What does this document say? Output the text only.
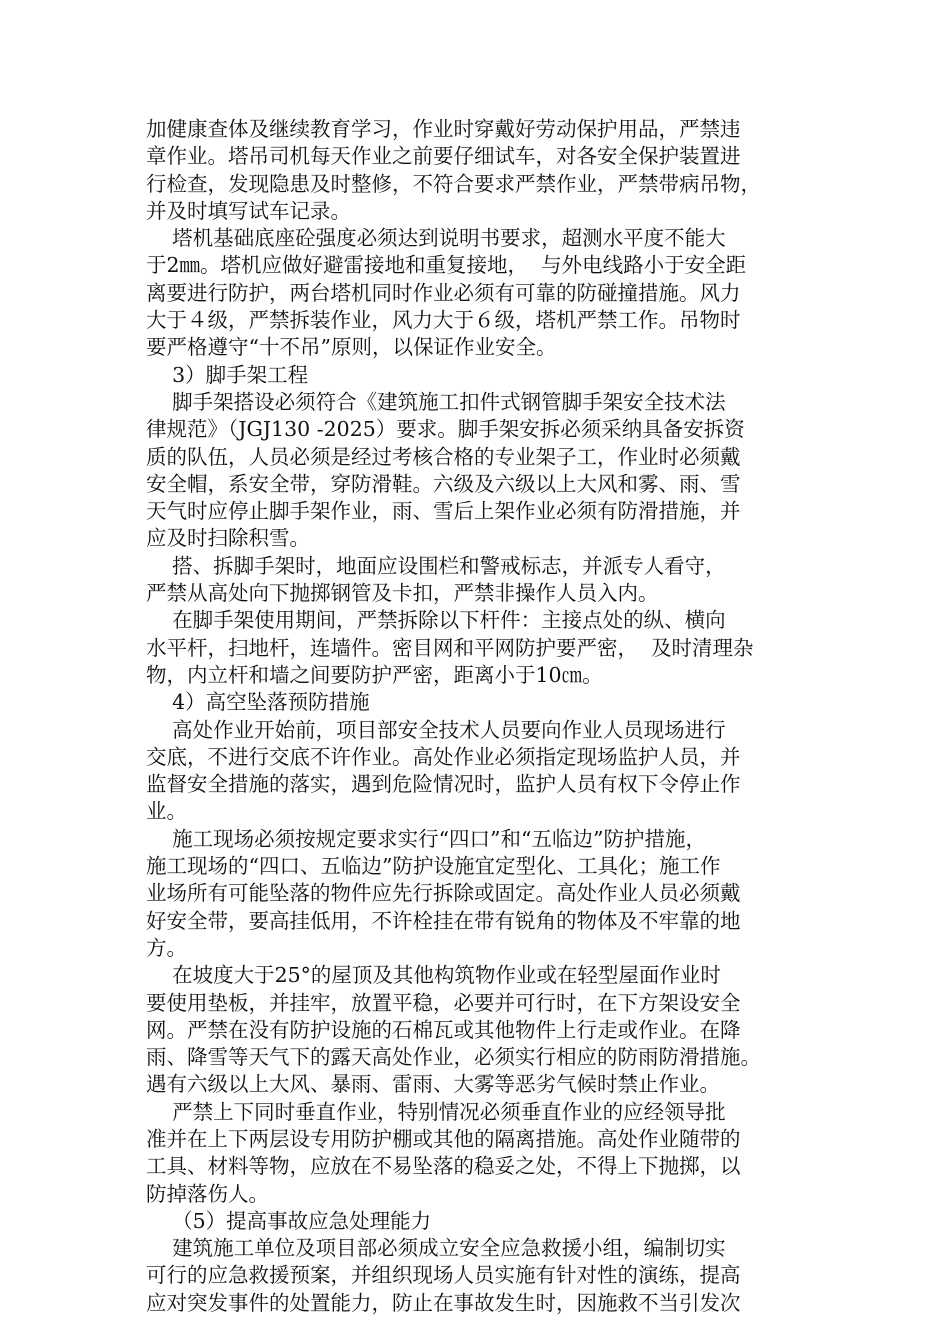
加健康查体及继续教育学习，作业时穿戴好劳动保护用品，严禁违
章作业。塔吊司机每天作业之前要仔细试车，对各安全保护装置进
行检查，发现隐患及时整修，不符合要求严禁作业，严禁带病吊物，
并及时填写试车记录。
塔机基础底座砼强度必须达到说明书要求，超测水平度不能大
于2㎜。塔机应做好避雷接地和重复接地，  与外电线路小于安全距
离要进行防护，两台塔机同时作业必须有可靠的防碰撞措施。风力
大于４级，严禁拆装作业，风力大于６级，塔机严禁工作。吊物时
要严格遵守“十不吊”原则，以保证作业安全。
3）脚手架工程
脚手架搭设必须符合《建筑施工扣件式钢管脚手架安全技术法
律规范》（JGJ130 -2025）要求。脚手架安拆必须采纳具备安拆资
质的队伍，人员必须是经过考核合格的专业架子工，作业时必须戴
安全帽，系安全带，穿防滑鞋。六级及六级以上大风和雾、雨、雪
天气时应停止脚手架作业，雨、雪后上架作业必须有防滑措施，并
应及时扫除积雪。
搭、拆脚手架时，地面应设围栏和警戒标志，并派专人看守，
严禁从高处向下抛掷钢管及卡扣，严禁非操作人员入内。
在脚手架使用期间，严禁拆除以下杆件：主接点处的纵、横向
水平杆，扫地杆，连墙件。密目网和平网防护要严密，  及时清理杂
物，内立杆和墙之间要防护严密，距离小于10㎝。
4）高空坠落预防措施
高处作业开始前，项目部安全技术人员要向作业人员现场进行
交底，不进行交底不许作业。高处作业必须指定现场监护人员，并
监督安全措施的落实，遇到危险情况时，监护人员有权下令停止作
业。
施工现场必须按规定要求实行“四口”和“五临边”防护措施，
施工现场的“四口、五临边”防护设施宜定型化、工具化；施工作
业场所有可能坠落的物件应先行拆除或固定。高处作业人员必须戴
好安全带，要高挂低用，不许栓挂在带有锐角的物体及不牢靠的地
方。
在坡度大于25°的屋顶及其他构筑物作业或在轻型屋面作业时
要使用垫板，并挂牢，放置平稳，必要并可行时，在下方架设安全
网。严禁在没有防护设施的石棉瓦或其他物件上行走或作业。在降
雨、降雪等天气下的露天高处作业，必须实行相应的防雨防滑措施。
遇有六级以上大风、暴雨、雷雨、大雾等恶劣气候时禁止作业。
严禁上下同时垂直作业，特别情况必须垂直作业的应经领导批
准并在上下两层设专用防护棚或其他的隔离措施。高处作业随带的
工具、材料等物，应放在不易坠落的稳妥之处，不得上下抛掷，以
防掉落伤人。
（5）提高事故应急处理能力
建筑施工单位及项目部必须成立安全应急救援小组，编制切实
可行的应急救援预案，并组织现场人员实施有针对性的演练，提高
应对突发事件的处置能力，防止在事故发生时，因施救不当引发次
